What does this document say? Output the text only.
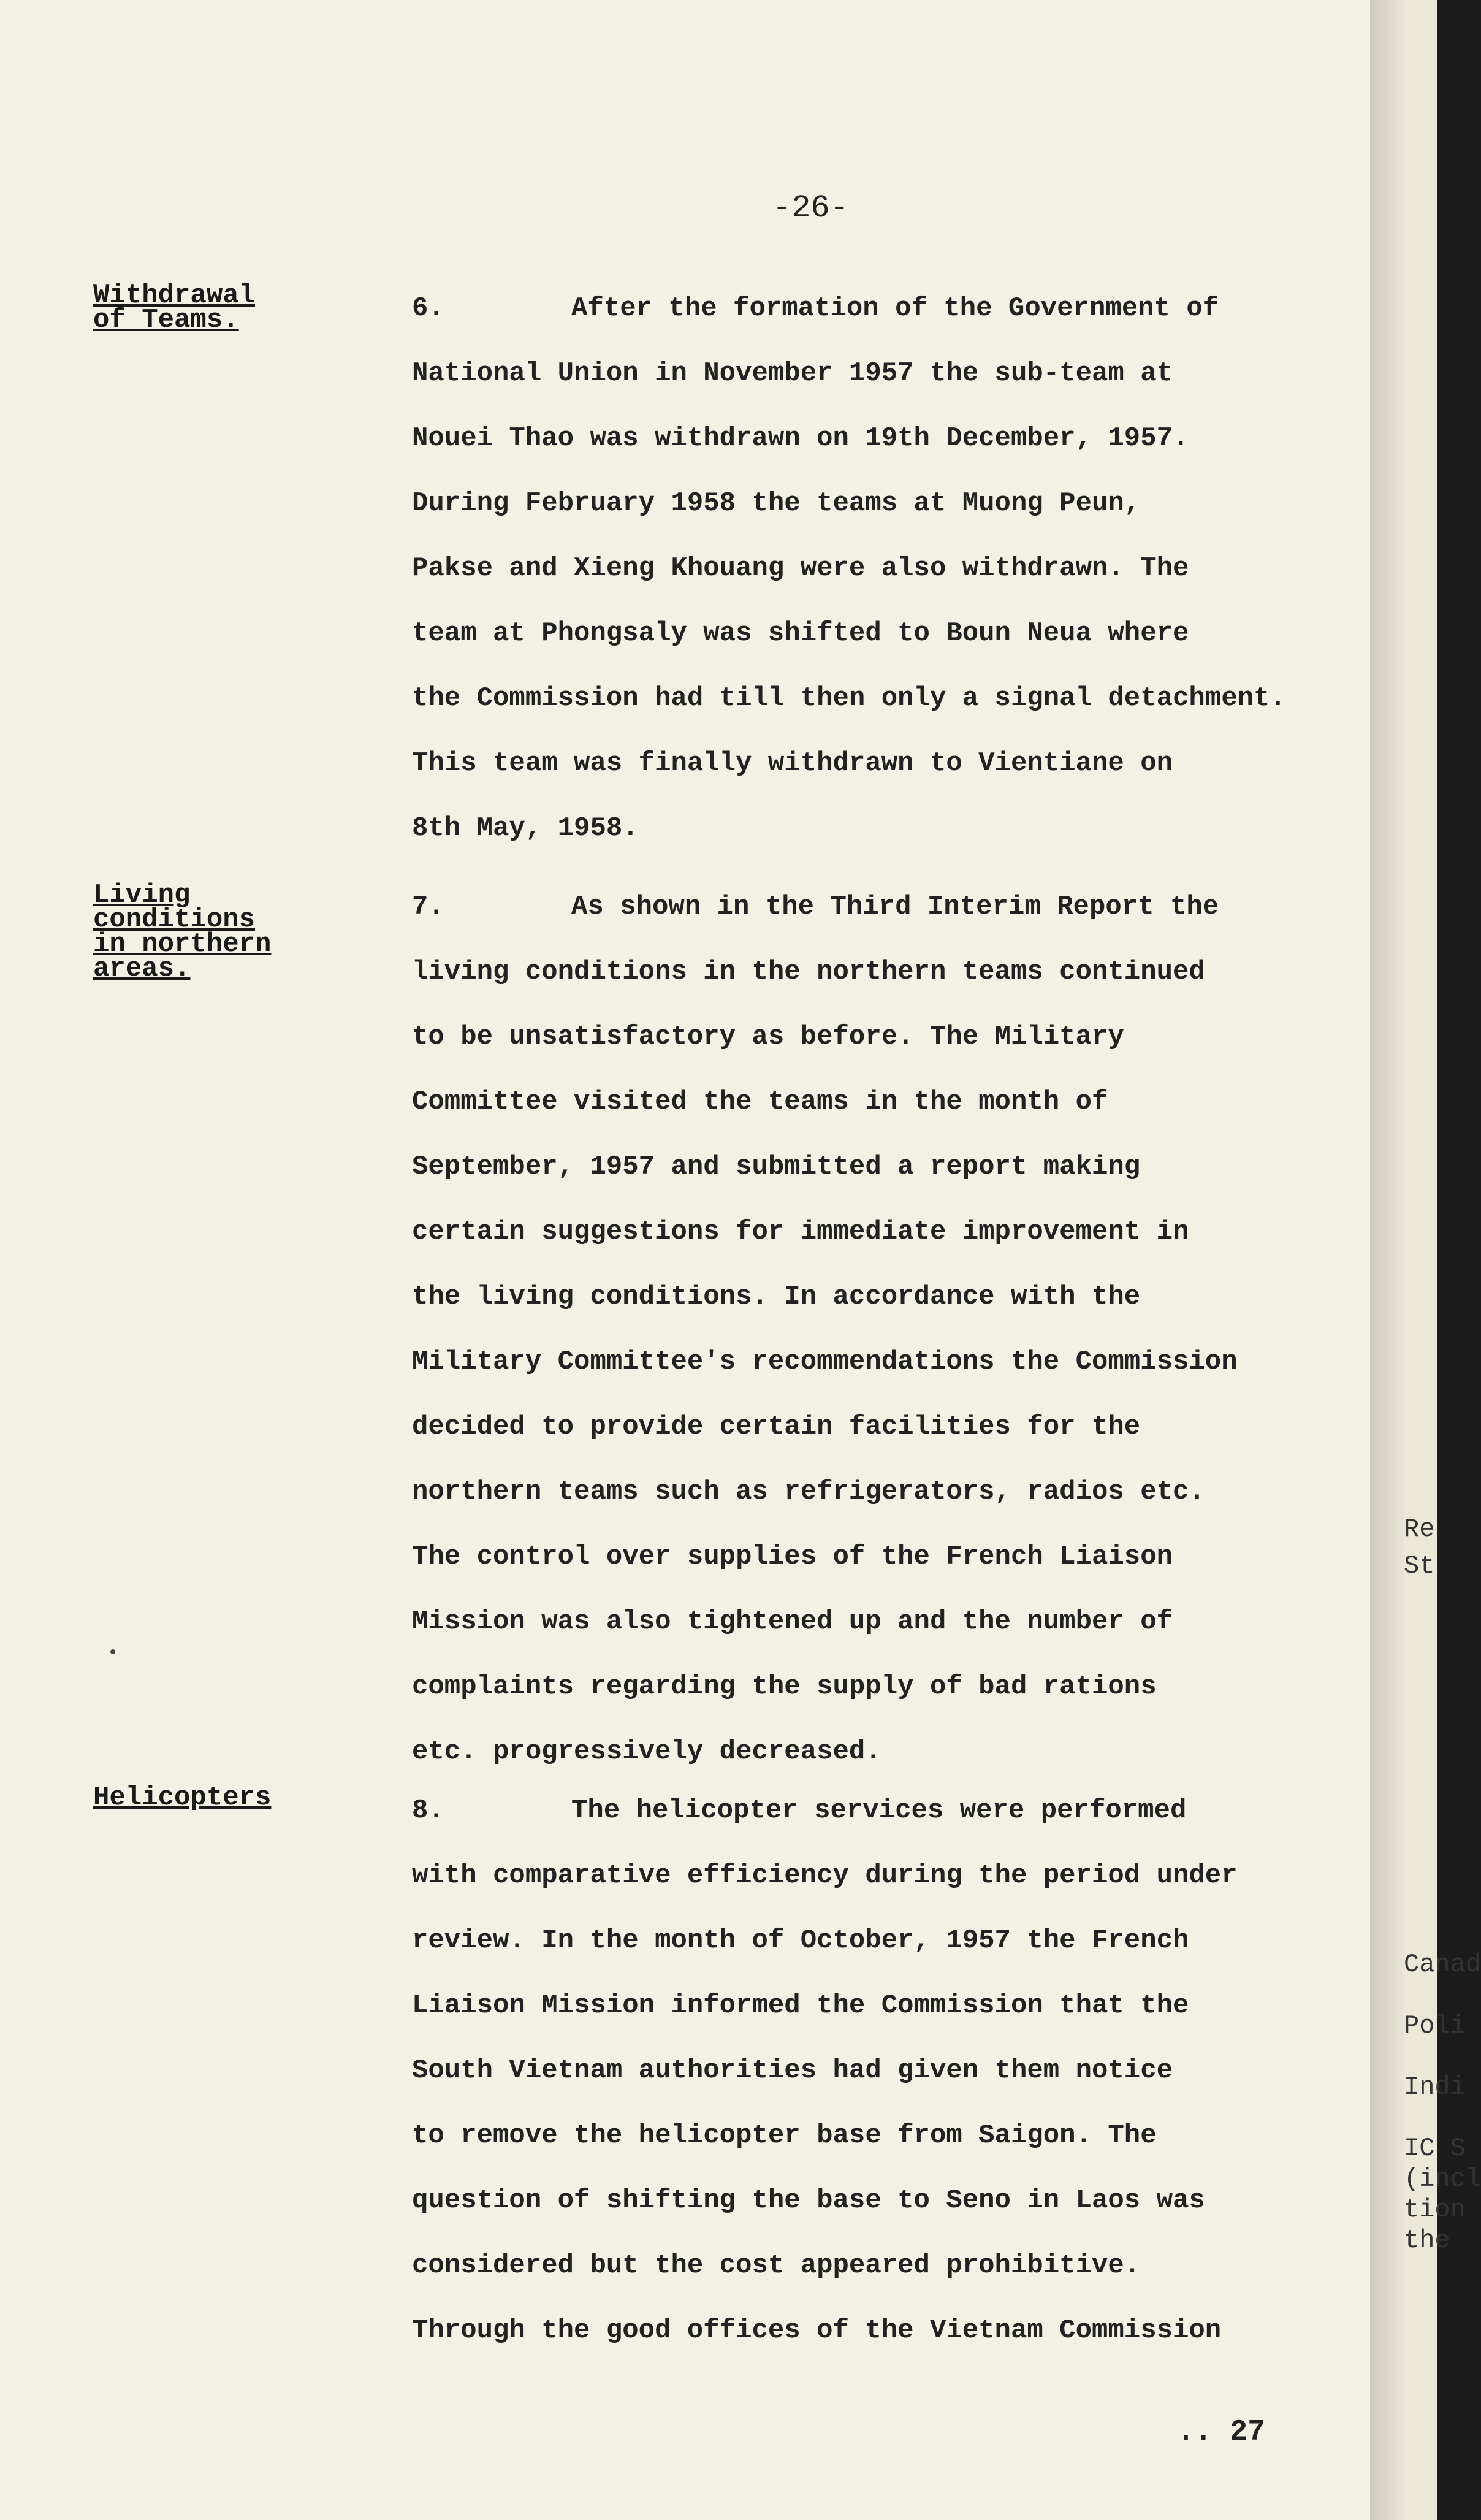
-26-
Withdrawal
of Teams.
Living
conditions
in northern
areas.
Helicopters
6.	After the formation of the Government of
National Union in November 1957 the sub-team at
Nouei Thao was withdrawn on 19th December, 1957.
During February 1958 the teams at Muong Peun,
Pakse and Xieng Khouang were also withdrawn. The
team at Phongsaly was shifted to Boun Neua where
the Commission had till then only a signal detachment.
This team was finally withdrawn to Vientiane on
8th May, 1958.
7.	As shown in the Third Interim Report the
living conditions in the northern teams continued
to be unsatisfactory as before. The Military
Committee visited the teams in the month of
September, 1957 and submitted a report making
certain suggestions for immediate improvement in
the living conditions. In accordance with the
Military Committee's recommendations the Commission
decided to provide certain facilities for the
northern teams such as refrigerators, radios etc.
The control over supplies of the French Liaison
Mission was also tightened up and the number of
complaints regarding the supply of bad rations
etc. progressively decreased.
8.	The helicopter services were performed
with comparative efficiency during the period under
review. In the month of October, 1957 the French
Liaison Mission informed the Commission that the
South Vietnam authorities had given them notice
to remove the helicopter base from Saigon. The
question of shifting the base to Seno in Laos was
considered but the cost appeared prohibitive.
Through the good offices of the Vietnam Commission
.. 27
Re
St
Canad
Poli
Indi
IC S
(incl
tion
the
